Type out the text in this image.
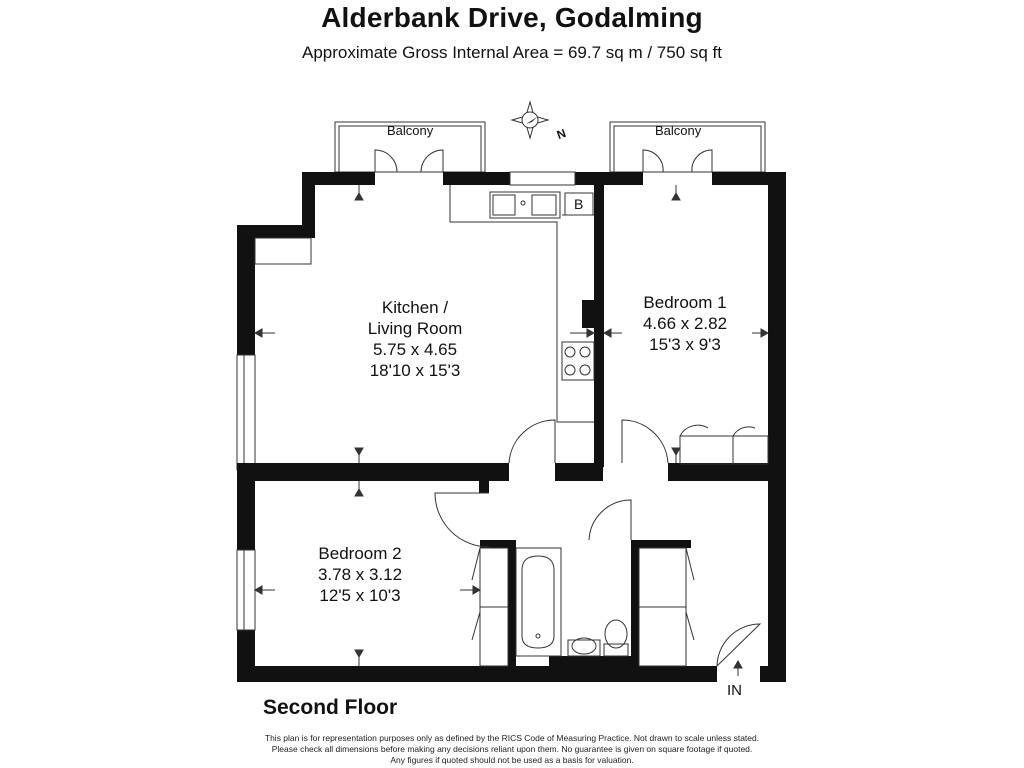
Alderbank Drive, Godalming
Approximate Gross Internal Area = 69.7 sq m / 750 sq ft
Balcony	Balcony
B
N
IN
Kitchen /
Living Room
5.75 x 4.65
18'10 x 15'3
Bedroom 1
4.66 x 2.82
15'3 x 9'3
Bedroom 2
3.78 x 3.12
12'5 x 10'3
Second Floor
This plan is for representation purposes only as defined by the RICS Code of Measuring Practice. Not drawn to scale unless stated.
Please check all dimensions before making any decisions reliant upon them. No guarantee is given on square footage if quoted.
Any figures if quoted should not be used as a basis for valuation.
